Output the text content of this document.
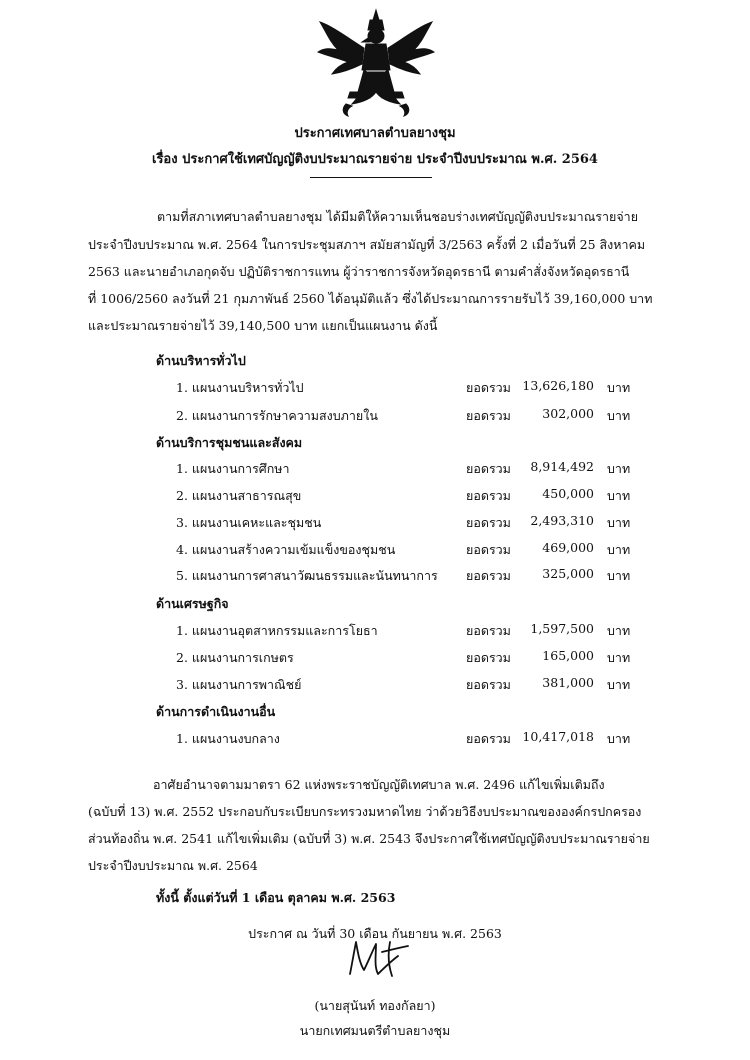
ประกาศเทศบาลตำบลยางชุม
เรื่อง ประกาศใช้เทศบัญญัติงบประมาณรายจ่าย ประจำปีงบประมาณ พ.ศ. 2564
ตามที่สภาเทศบาลตำบลยางชุม ได้มีมติให้ความเห็นชอบร่างเทศบัญญัติงบประมาณรายจ่าย
ประจำปีงบประมาณ พ.ศ. 2564 ในการประชุมสภาฯ สมัยสามัญที่ 3/2563 ครั้งที่ 2 เมื่อวันที่ 25 สิงหาคม
2563 และนายอำเภอกุดจับ ปฏิบัติราชการแทน ผู้ว่าราชการจังหวัดอุดรธานี ตามคำสั่งจังหวัดอุดรธานี
ที่ 1006/2560 ลงวันที่ 21 กุมภาพันธ์ 2560 ได้อนุมัติแล้ว ซึ่งได้ประมาณการรายรับไว้ 39,160,000 บาท
และประมาณรายจ่ายไว้ 39,140,500 บาท แยกเป็นแผนงาน ดังนี้
ด้านบริหารทั่วไป
1. แผนงานบริหารทั่วไป	ยอดรวม 13,626,180 บาท
2. แผนงานการรักษาความสงบภายใน	ยอดรวม	302,000 บาท
ด้านบริการชุมชนและสังคม
1. แผนงานการศึกษา	ยอดรวม 8,914,492 บาท
2. แผนงานสาธารณสุข	ยอดรวม	450,000 บาท
3. แผนงานเคหะและชุมชน	ยอดรวม 2,493,310 บาท
4. แผนงานสร้างความเข้มแข็งของชุมชน	ยอดรวม	469,000 บาท
5. แผนงานการศาสนาวัฒนธรรมและนันทนาการ ยอดรวม	325,000 บาท
ด้านเศรษฐกิจ
1. แผนงานอุตสาหกรรมและการโยธา	ยอดรวม 1,597,500 บาท
2. แผนงานการเกษตร	ยอดรวม	165,000 บาท
3. แผนงานการพาณิชย์	ยอดรวม	381,000 บาท
ด้านการดำเนินงานอื่น
1. แผนงานงบกลาง	ยอดรวม 10,417,018 บาท
อาศัยอำนาจตามมาตรา 62 แห่งพระราชบัญญัติเทศบาล พ.ศ. 2496 แก้ไขเพิ่มเติมถึง
(ฉบับที่ 13) พ.ศ. 2552 ประกอบกับระเบียบกระทรวงมหาดไทย ว่าด้วยวิธีงบประมาณขององค์กรปกครอง
ส่วนท้องถิ่น พ.ศ. 2541 แก้ไขเพิ่มเติม (ฉบับที่ 3) พ.ศ. 2543 จึงประกาศใช้เทศบัญญัติงบประมาณรายจ่าย
ประจำปีงบประมาณ พ.ศ. 2564
ทั้งนี้ ตั้งแต่วันที่ 1 เดือน ตุลาคม พ.ศ. 2563
ประกาศ ณ วันที่ 30 เดือน กันยายน พ.ศ. 2563
(นายสุนันท์ ทองกัลยา)
นายกเทศมนตรีตำบลยางชุม
